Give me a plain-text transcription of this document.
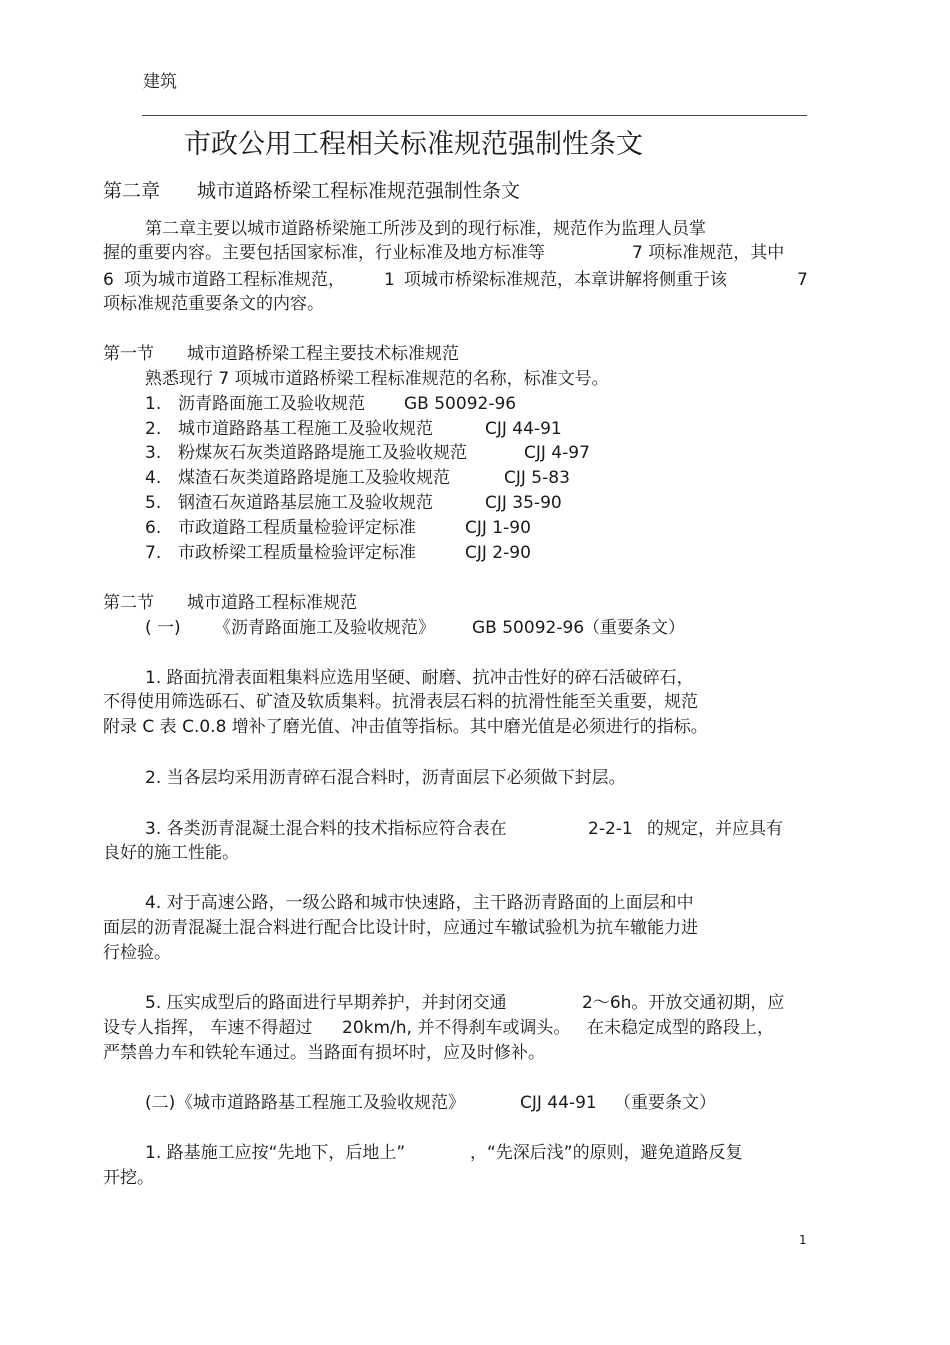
建筑
市政公用工程相关标准规范强制性条文
第二章 城市道路桥梁工程标准规范强制性条文
第二章主要以城市道路桥梁施工所涉及到的现行标准，规范作为监理人员掌
握的重要内容。主要包括国家标准，行业标准及地方标准等	7 项标准规范，其中
6 项为城市道路工程标准规范， 1 项城市桥梁标准规范，本章讲解将侧重于该	7
项标准规范重要条文的内容。
第一节 城市道路桥梁工程主要技术标准规范
熟悉现行 7 项城市道路桥梁工程标准规范的名称，标准文号。
1. 沥青路面施工及验收规范 GB 50092-96
2. 城市道路路基工程施工及验收规范	CJJ 44-91
3. 粉煤灰石灰类道路路堤施工及验收规范	CJJ 4-97
4. 煤渣石灰类道路路堤施工及验收规范	CJJ 5-83
5. 钢渣石灰道路基层施工及验收规范	CJJ 35-90
6. 市政道路工程质量检验评定标准	CJJ 1-90
7. 市政桥梁工程质量检验评定标准	CJJ 2-90
第二节 城市道路工程标准规范
( 一) 《沥青路面施工及验收规范》 GB 50092-96
（重要条文）
1. 路面抗滑表面粗集料应选用坚硬、耐磨、抗冲击性好的碎石活破碎石，
不得使用筛选砾石、矿渣及软质集料。抗滑表层石料的抗滑性能至关重要，规范
附录 C 表 C.0.8 增补了磨光值、冲击值等指标。其中磨光值是必须进行的指标。
2. 当各层均采用沥青碎石混合料时，沥青面层下必须做下封层。
3. 各类沥青混凝土混合料的技术指标应符合表在	2-2-1 的规定，并应具有
良好的施工性能。
4. 对于高速公路，一级公路和城市快速路，主干路沥青路面的上面层和中
面层的沥青混凝土混合料进行配合比设计时，应通过车辙试验机为抗车辙能力进
行检验。
5. 压实成型后的路面进行早期养护，并封闭交通	2～6h。开放交通初期，应
设专人指挥， 车速不得超过 20km/h, 并不得刹车或调头。 在未稳定成型的路段上，
严禁兽力车和铁轮车通过。当路面有损坏时，应及时修补。
(二) 《城市道路路基工程施工及验收规范》	CJJ 44-91 （重要条文）
1. 路基施工应按“先地下，后地上”	，“先深后浅”的原则，避免道路反复
开挖。
1
